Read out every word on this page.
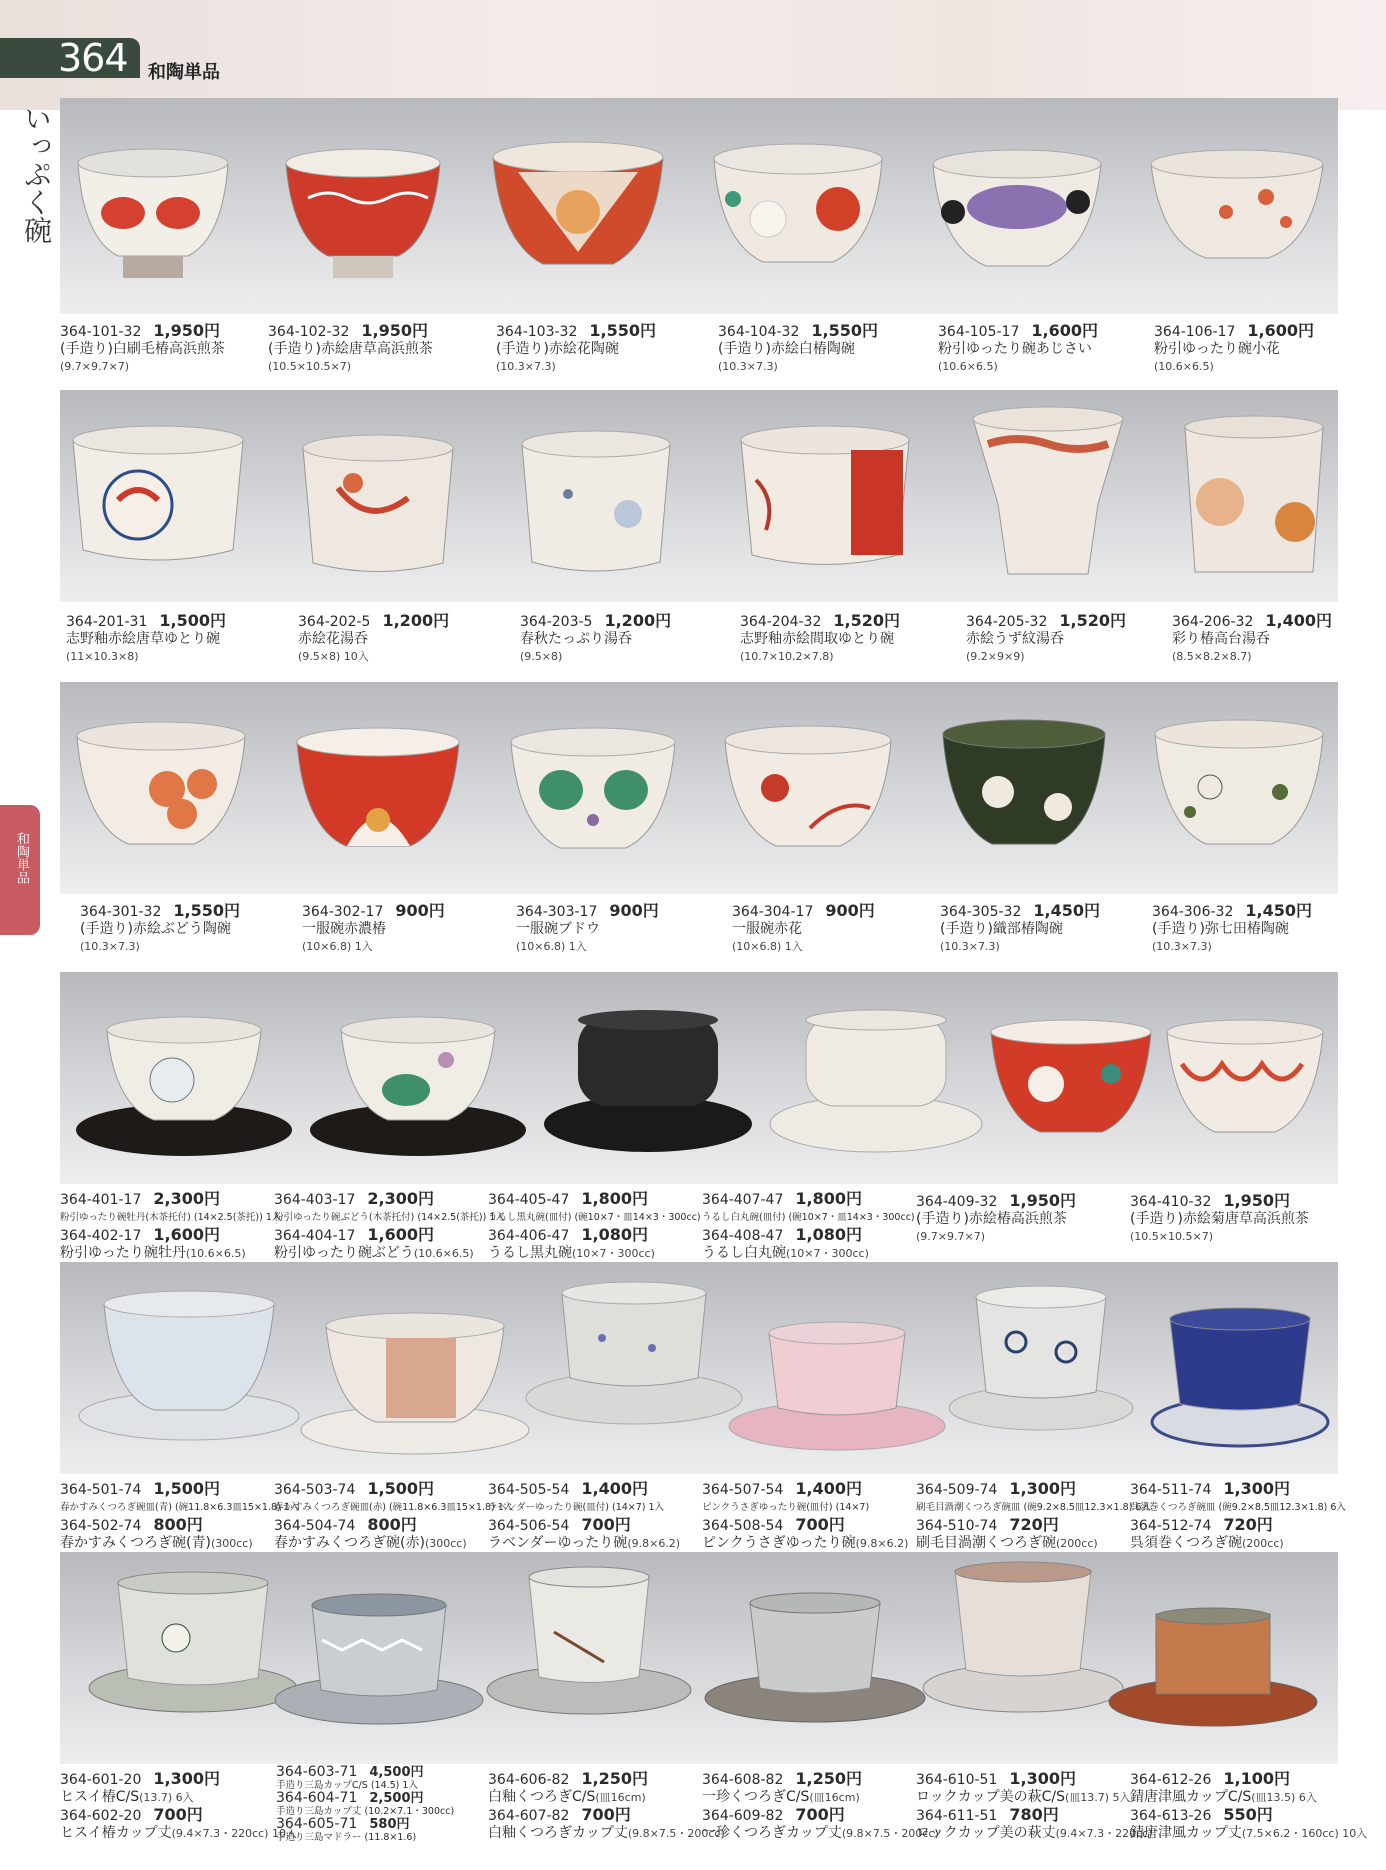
364 和陶単品
いっぷく碗
和陶単品
364-101-32 1,950円
(手造り)白刷毛椿高浜煎茶
(9.7×9.7×7)
364-102-32 1,950円
(手造り)赤絵唐草高浜煎茶
(10.5×10.5×7)
364-103-32 1,550円
(手造り)赤絵花陶碗
(10.3×7.3)
364-104-32 1,550円
(手造り)赤絵白椿陶碗
(10.3×7.3)
364-105-17 1,600円
粉引ゆったり碗あじさい
(10.6×6.5)
364-106-17 1,600円
粉引ゆったり碗小花
(10.6×6.5)
364-201-31 1,500円
志野釉赤絵唐草ゆとり碗
(11×10.3×8)
364-202-5 1,200円
赤絵花湯呑
(9.5×8) 10入
364-203-5 1,200円
春秋たっぷり湯呑
(9.5×8)
364-204-32 1,520円
志野釉赤絵間取ゆとり碗
(10.7×10.2×7.8)
364-205-32 1,520円
赤絵うず紋湯呑
(9.2×9×9)
364-206-32 1,400円
彩り椿高台湯呑
(8.5×8.2×8.7)
364-301-32 1,550円
(手造り)赤絵ぶどう陶碗
(10.3×7.3)
364-302-17 900円
一服碗赤濃椿
(10×6.8) 1入
364-303-17 900円
一服碗ブドウ
(10×6.8) 1入
364-304-17 900円
一服碗赤花
(10×6.8) 1入
364-305-32 1,450円
(手造り)織部椿陶碗
(10.3×7.3)
364-306-32 1,450円
(手造り)弥七田椿陶碗
(10.3×7.3)
364-401-17 2,300円
粉引ゆったり碗牡丹(木茶托付) (14×2.5(茶托)) 1入
364-402-17 1,600円
粉引ゆったり碗牡丹(10.6×6.5)
364-403-17 2,300円
粉引ゆったり碗ぶどう(木茶托付) (14×2.5(茶托)) 1入
364-404-17 1,600円
粉引ゆったり碗ぶどう(10.6×6.5)
364-405-47 1,800円
うるし黒丸碗(皿付) (碗10×7・皿14×3・300cc)
364-406-47 1,080円
うるし黒丸碗(10×7・300cc)
364-407-47 1,800円
うるし白丸碗(皿付) (碗10×7・皿14×3・300cc)
364-408-47 1,080円
うるし白丸碗(10×7・300cc)
364-409-32 1,950円
(手造り)赤絵椿高浜煎茶
(9.7×9.7×7)
364-410-32 1,950円
(手造り)赤絵菊唐草高浜煎茶
(10.5×10.5×7)
364-501-74 1,500円
春かすみくつろぎ碗皿(青) (碗11.8×6.3皿15×1.8) 1入
364-502-74 800円
春かすみくつろぎ碗(青)(300cc)
364-503-74 1,500円
春かすみくつろぎ碗皿(赤) (碗11.8×6.3皿15×1.8) 1入
364-504-74 800円
春かすみくつろぎ碗(赤)(300cc)
364-505-54 1,400円
ラベンダーゆったり碗(皿付) (14×7) 1入
364-506-54 700円
ラベンダーゆったり碗(9.8×6.2)
364-507-54 1,400円
ピンクうさぎゆったり碗(皿付) (14×7)
364-508-54 700円
ピンクうさぎゆったり碗(9.8×6.2)
364-509-74 1,300円
刷毛目渦潮くつろぎ碗皿 (碗9.2×8.5皿12.3×1.8) 6入
364-510-74 720円
刷毛目渦潮くつろぎ碗(200cc)
364-511-74 1,300円
呉須巻くつろぎ碗皿 (碗9.2×8.5皿12.3×1.8) 6入
364-512-74 720円
呉須巻くつろぎ碗(200cc)
364-601-20 1,300円
ヒスイ椿C/S(13.7) 6入
364-602-20 700円
ヒスイ椿カップ丈(9.4×7.3・220cc) 10入
364-603-71 4,500円
手造り三島カップC/S (14.5) 1入
364-604-71 2,500円
手造り三島カップ丈 (10.2×7.1・300cc)
364-605-71 580円
手造り三島マドラー (11.8×1.6)
364-606-82 1,250円
白釉くつろぎC/S(皿16cm)
364-607-82 700円
白釉くつろぎカップ丈(9.8×7.5・200cc)
364-608-82 1,250円
一珍くつろぎC/S(皿16cm)
364-609-82 700円
一珍くつろぎカップ丈(9.8×7.5・200cc)
364-610-51 1,300円
ロックカップ美の萩C/S(皿13.7) 5入
364-611-51 780円
ロックカップ美の萩丈(9.4×7.3・220cc)
364-612-26 1,100円
錆唐津風カップC/S(皿13.5) 6入
364-613-26 550円
錆唐津風カップ丈(7.5×6.2・160cc) 10入
